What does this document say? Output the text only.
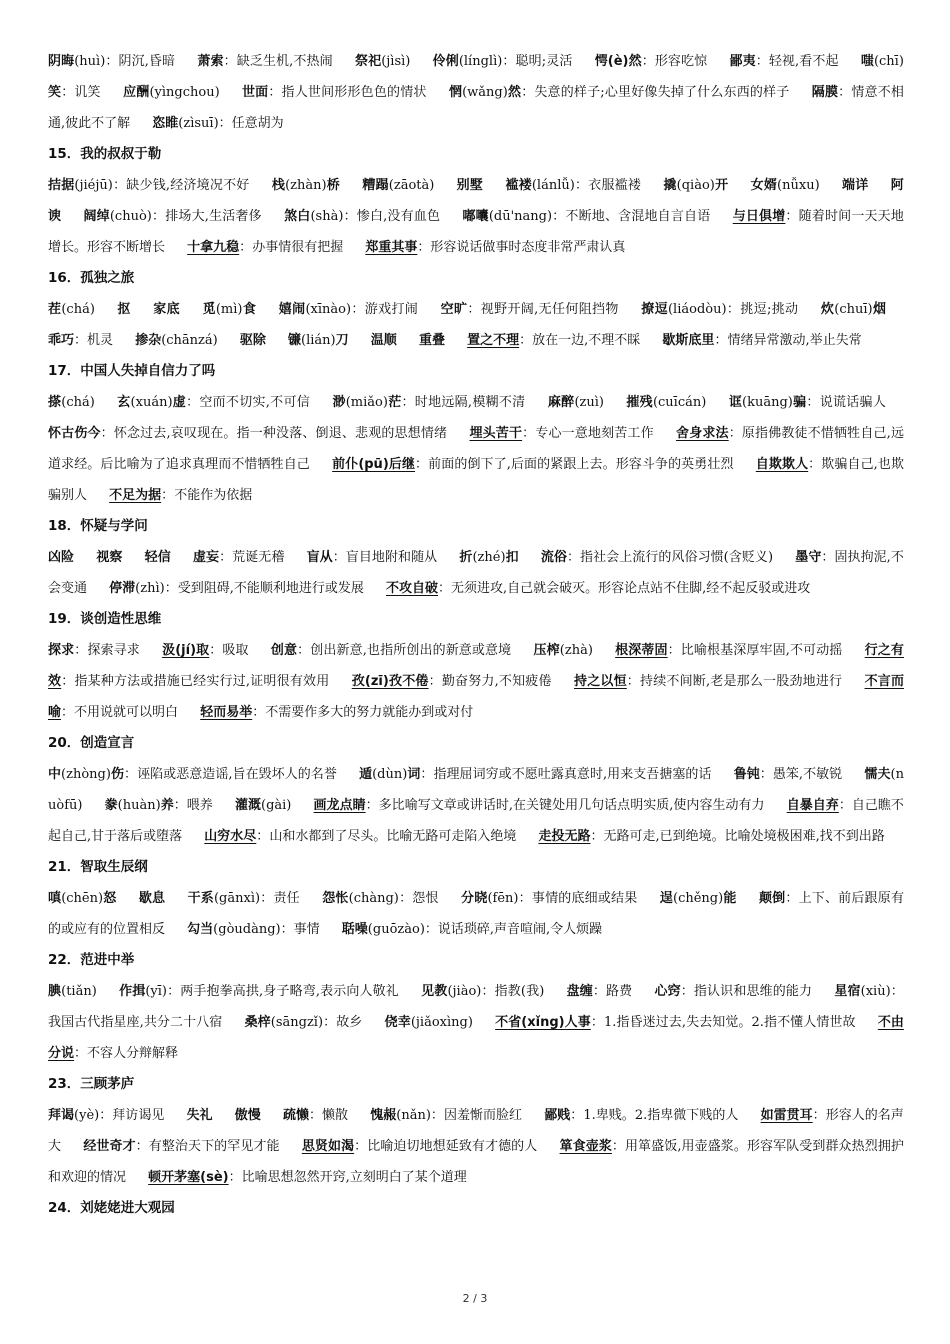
阴晦(huì)：阴沉,昏暗 萧索：缺乏生机,不热闹 祭祀(jìsì) 伶俐(línglì)：聪明;灵活 愕(è)然：形容吃惊 鄙夷：轻视,看不起 嗤(chī)笑：讥笑 应酬(yìngchou) 世面：指人世间形形色色的情状 惘(wǎng)然：失意的样子;心里好像失掉了什么东西的样子 隔膜：情意不相通,彼此不了解 恣睢(zìsuī)：任意胡为

15．我的叔叔于勒

拮据(jiéjū)：缺少钱,经济境况不好 栈(zhàn)桥 糟蹋(zāotà) 别墅 褴褛(lánlǚ)：衣服褴褛 撬(qiào)开 女婿(nǚxu) 端详 阿谀 阔绰(chuò)：排场大,生活奢侈 煞白(shà)：惨白,没有血色 嘟囔(dū'nang)：不断地、含混地自言自语 与日俱增：随着时间一天天地增长。形容不断增长 十拿九稳：办事情很有把握 郑重其事：形容说话做事时态度非常严肃认真

16．孤独之旅

茬(chá) 抠 家底 觅(mì)食 嬉闹(xīnào)：游戏打闹 空旷：视野开阔,无任何阻挡物 撩逗(liáodòu)：挑逗;挑动 炊(chuī)烟 乖巧：机灵 掺杂(chānzá) 驱除 镰(lián)刀 温顺 重叠 置之不理：放在一边,不理不睬 歇斯底里：情绪异常激动,举止失常

17．中国人失掉自信力了吗

搽(chá) 玄(xuán)虚：空而不切实,不可信 渺(miǎo)茫：时地远隔,模糊不清 麻醉(zuì) 摧残(cuīcán) 诓(kuāng)骗：说谎话骗人 怀古伤今：怀念过去,哀叹现在。指一种没落、倒退、悲观的思想情绪 埋头苦干：专心一意地刻苦工作 舍身求法：原指佛教徒不惜牺牲自己,远道求经。后比喻为了追求真理而不惜牺牲自己 前仆(pū)后继：前面的倒下了,后面的紧跟上去。形容斗争的英勇壮烈 自欺欺人：欺骗自己,也欺骗别人 不足为据：不能作为依据

18．怀疑与学问

凶险 视察 轻信 虚妄：荒诞无稽 盲从：盲目地附和随从 折(zhé)扣 流俗：指社会上流行的风俗习惯(含贬义) 墨守：固执拘泥,不会变通 停滞(zhì)：受到阻碍,不能顺利地进行或发展 不攻自破：无须进攻,自己就会破灭。形容论点站不住脚,经不起反驳或进攻

19．谈创造性思维

探求：探索寻求 汲(jí)取：吸取 创意：创出新意,也指所创出的新意或意境 压榨(zhà) 根深蒂固：比喻根基深厚牢固,不可动摇 行之有效：指某种方法或措施已经实行过,证明很有效用 孜(zī)孜不倦：勤奋努力,不知疲倦 持之以恒：持续不间断,老是那么一股劲地进行 不言而喻：不用说就可以明白 轻而易举：不需要作多大的努力就能办到或对付

20．创造宣言

中(zhòng)伤：诬陷或恶意造谣,旨在毁坏人的名誉 遁(dùn)词：指理屈词穷或不愿吐露真意时,用来支吾搪塞的话 鲁钝：愚笨,不敏锐 懦夫(nuòfū) 豢(huàn)养：喂养 灌溉(gài) 画龙点睛：多比喻写文章或讲话时,在关键处用几句话点明实质,使内容生动有力 自暴自弃：自己瞧不起自己,甘于落后或堕落 山穷水尽：山和水都到了尽头。比喻无路可走陷入绝境 走投无路：无路可走,已到绝境。比喻处境极困难,找不到出路

21．智取生辰纲

嗔(chēn)怒 歇息 干系(gānxì)：责任 怨怅(chàng)：怨恨 分晓(fēn)：事情的底细或结果 逞(chěng)能 颠倒：上下、前后跟原有的或应有的位置相反 勾当(gòudàng)：事情 聒噪(guōzào)：说话琐碎,声音喧闹,令人烦躁

22．范进中举

腆(tiǎn) 作揖(yī)：两手抱拳高拱,身子略弯,表示向人敬礼 见教(jiào)：指教(我) 盘缠：路费 心窍：指认识和思维的能力 星宿(xiù)：我国古代指星座,共分二十八宿 桑梓(sāngzǐ)：故乡 侥幸(jiǎoxìng) 不省(xǐng)人事：1.指昏迷过去,失去知觉。2.指不懂人情世故 不由分说：不容人分辩解释

23．三顾茅庐

拜谒(yè)：拜访谒见 失礼 傲慢 疏懒：懒散 愧赧(nǎn)：因羞惭而脸红 鄙贱：1.卑贱。2.指卑微下贱的人 如雷贯耳：形容人的名声大 经世奇才：有整治天下的罕见才能 思贤如渴：比喻迫切地想延致有才德的人 箪食壶浆：用箪盛饭,用壶盛浆。形容军队受到群众热烈拥护和欢迎的情况 顿开茅塞(sè)：比喻思想忽然开窍,立刻明白了某个道理

24．刘姥姥进大观园
2 / 3
